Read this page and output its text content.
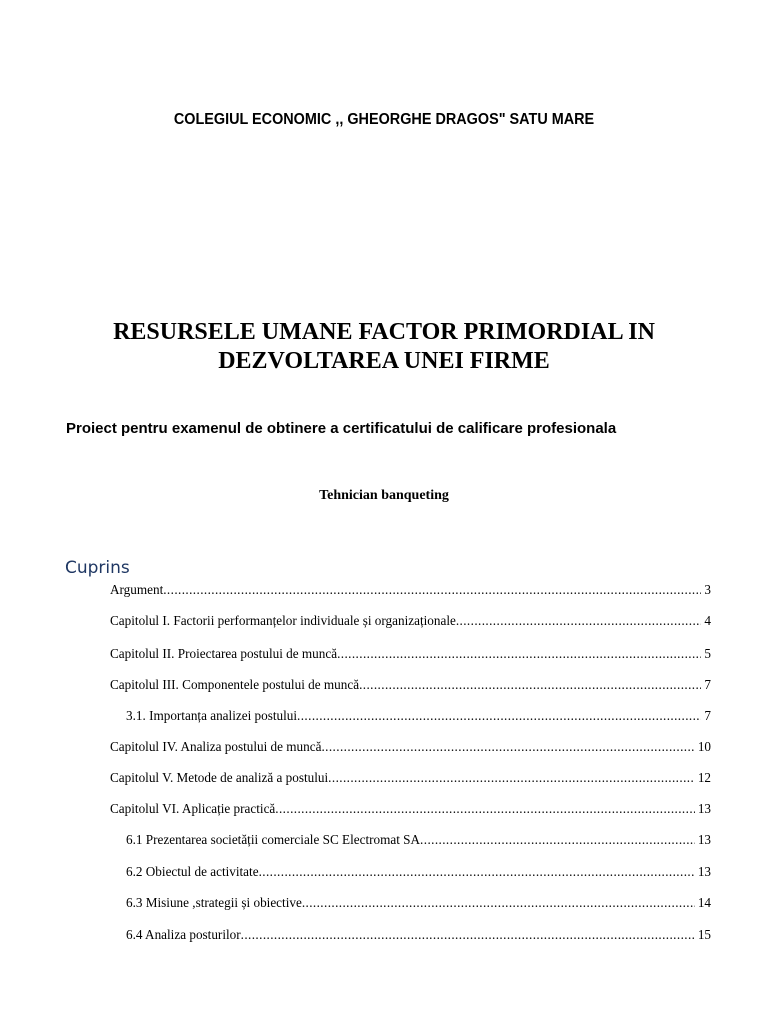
COLEGIUL ECONOMIC ,, GHEORGHE DRAGOS" SATU MARE
RESURSELE UMANE FACTOR PRIMORDIAL IN
DEZVOLTAREA UNEI FIRME
Proiect pentru examenul de obtinere a certificatului de calificare profesionala
Tehnician banqueting
Cuprins
Argument .....	3
Capitolul I. Factorii performanțelor individuale și organizaționale .....	4
Capitolul II. Proiectarea postului de muncă .....	5
Capitolul III. Componentele postului de muncă .....	7
3.1. Importanța analizei postului .....	7
Capitolul IV. Analiza postului de muncă .....	10
Capitolul V. Metode de analiză a postului .....	12
Capitolul VI. Aplicație practică .....	13
6.1 Prezentarea societății comerciale SC Electromat SA .....	13
6.2 Obiectul de activitate .....	13
6.3 Misiune ,strategii și obiective .....	14
6.4 Analiza posturilor .....	15
